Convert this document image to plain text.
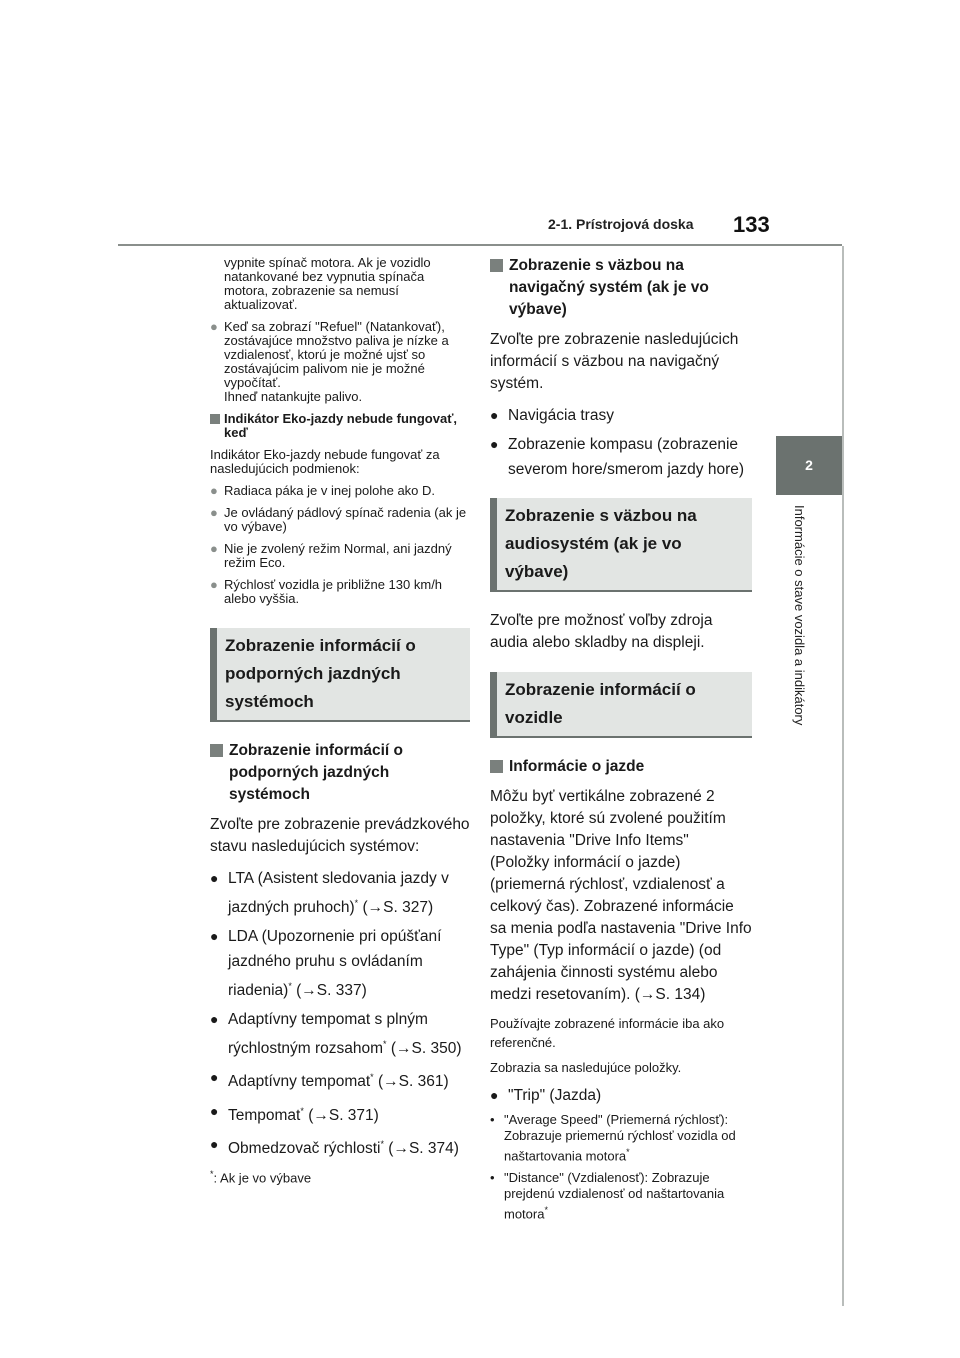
2-1. Prístrojová doska 133
2
Informácie o stave vozidla a indikátory

vypnite spínač motora. Ak je vozidlo natankované bez vypnutia spínača motora, zobrazenie sa nemusí aktualizovať.

● Keď sa zobrazí "Refuel" (Natankovať), zostávajúce množstvo paliva je nízke a vzdialenosť, ktorú je možné ujsť so zostávajúcim palivom nie je možné vypočítať.
Ihneď natankujte palivo.
Indikátor Eko-jazdy nebude fungovať, keď

Indikátor Eko-jazdy nebude fungovať za nasledujúcich podmienok:

● Radiaca páka je v inej polohe ako D.
● Je ovládaný pádlový spínač radenia (ak je vo výbave)
● Nie je zvolený režim Normal, ani jazdný režim Eco.
● Rýchlosť vozidla je približne 130 km/h alebo vyššia.
Zobrazenie informácií o podporných jazdných systémoch
Zobrazenie informácií o podporných jazdných systémoch

Zvoľte pre zobrazenie prevádzkového stavu nasledujúcich systémov:

● LTA (Asistent sledovania jazdy v jazdných pruhoch)* (→S. 327)
● LDA (Upozornenie pri opúšťaní jazdného pruhu s ovládaním riadenia)* (→S. 337)
● Adaptívny tempomat s plným rýchlostným rozsahom* (→S. 350)
● Adaptívny tempomat* (→S. 361)
● Tempomat* (→S. 371)
● Obmedzovač rýchlosti* (→S. 374)

*: Ak je vo výbave

Zobrazenie s väzbou na navigačný systém (ak je vo výbave)

Zvoľte pre zobrazenie nasledujúcich informácií s väzbou na navigačný systém.

● Navigácia trasy
● Zobrazenie kompasu (zobrazenie severom hore/smerom jazdy hore)
Zobrazenie s väzbou na audiosystém (ak je vo výbave)

Zvoľte pre možnosť voľby zdroja audia alebo skladby na displeji.

Zobrazenie informácií o vozidle
Informácie o jazde

Môžu byť vertikálne zobrazené 2 položky, ktoré sú zvolené použitím nastavenia "Drive Info Items" (Položky informácií o jazde) (priemerná rýchlosť, vzdialenosť a celkový čas). Zobrazené informácie sa menia podľa nastavenia "Drive Info Type" (Typ informácií o jazde) (od zahájenia činnosti systému alebo medzi resetovaním). (→S. 134)

Používajte zobrazené informácie iba ako referenčné.

Zobrazia sa nasledujúce položky.

● "Trip" (Jazda)
• "Average Speed" (Priemerná rýchlosť): Zobrazuje priemernú rýchlosť vozidla od naštartovania motora*
• "Distance" (Vzdialenosť): Zobrazuje prejdenú vzdialenosť od naštartovania motora*
